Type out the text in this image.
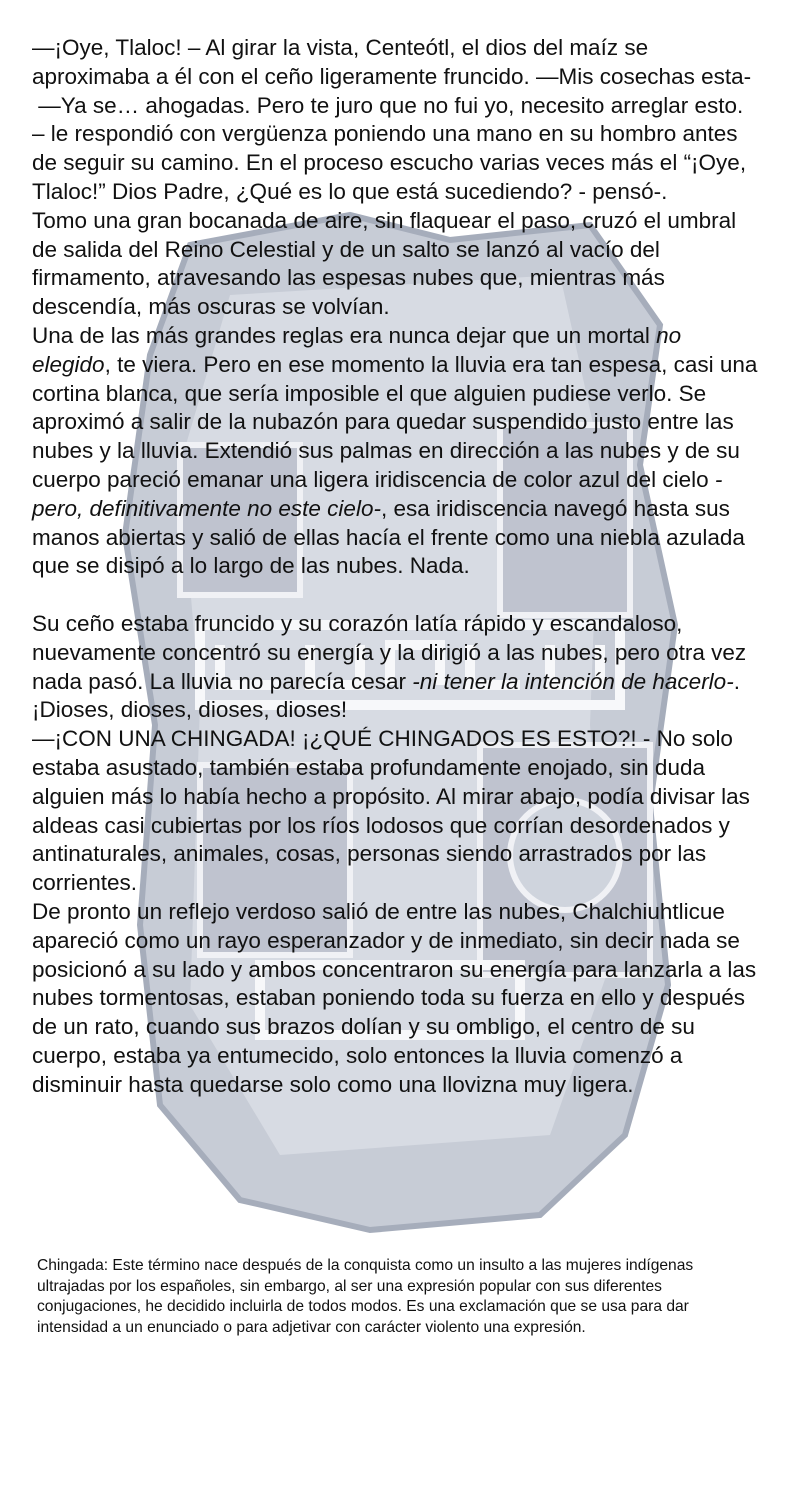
—¡Oye, Tlaloc! – Al girar la vista, Centeótl, el dios del maíz se aproximaba a él con el ceño ligeramente fruncido. —Mis cosechas esta-

—Ya se… ahogadas. Pero te juro que no fui yo, necesito arreglar esto. – le respondió con vergüenza poniendo una mano en su hombro antes de seguir su camino. En el proceso escucho varias veces más el “¡Oye, Tlaloc!” Dios Padre, ¿Qué es lo que está sucediendo? - pensó-.

Tomo una gran bocanada de aire, sin flaquear el paso, cruzó el umbral de salida del Reino Celestial y de un salto se lanzó al vacío del firmamento, atravesando las espesas nubes que, mientras más descendía, más oscuras se volvían.

Una de las más grandes reglas era nunca dejar que un mortal no elegido, te viera. Pero en ese momento la lluvia era tan espesa, casi una cortina blanca, que sería imposible el que alguien pudiese verlo. Se aproximó a salir de la nubazón para quedar suspendido justo entre las nubes y la lluvia. Extendió sus palmas en dirección a las nubes y de su cuerpo pareció emanar una ligera iridiscencia de color azul del cielo -pero, definitivamente no este cielo-, esa iridiscencia navegó hasta sus manos abiertas y salió de ellas hacía el frente como una niebla azulada que se disipó a lo largo de las nubes. Nada.

Su ceño estaba fruncido y su corazón latía rápido y escandaloso, nuevamente concentró su energía y la dirigió a las nubes, pero otra vez nada pasó. La lluvia no parecía cesar -ni tener la intención de hacerlo-. ¡Dioses, dioses, dioses, dioses!

—¡CON UNA CHINGADA! ¡¿QUÉ CHINGADOS ES ESTO?! - No solo estaba asustado, también estaba profundamente enojado, sin duda alguien más lo había hecho a propósito. Al mirar abajo, podía divisar las aldeas casi cubiertas por los ríos lodosos que corrían desordenados y antinaturales, animales, cosas, personas siendo arrastrados por las corrientes.

De pronto un reflejo verdoso salió de entre las nubes, Chalchiuhtlicue apareció como un rayo esperanzador y de inmediato, sin decir nada se posicionó a su lado y ambos concentraron su energía para lanzarla a las nubes tormentosas, estaban poniendo toda su fuerza en ello y después de un rato, cuando sus brazos dolían y su ombligo, el centro de su cuerpo, estaba ya entumecido, solo entonces la lluvia comenzó a disminuir hasta quedarse solo como una llovizna muy ligera.

Chingada: Este término nace después de la conquista como un insulto a las mujeres indígenas ultrajadas por los españoles, sin embargo, al ser una expresión popular con sus diferentes conjugaciones, he decidido incluirla de todos modos. Es una exclamación que se usa para dar intensidad a un enunciado o para adjetivar con carácter violento una expresión.
